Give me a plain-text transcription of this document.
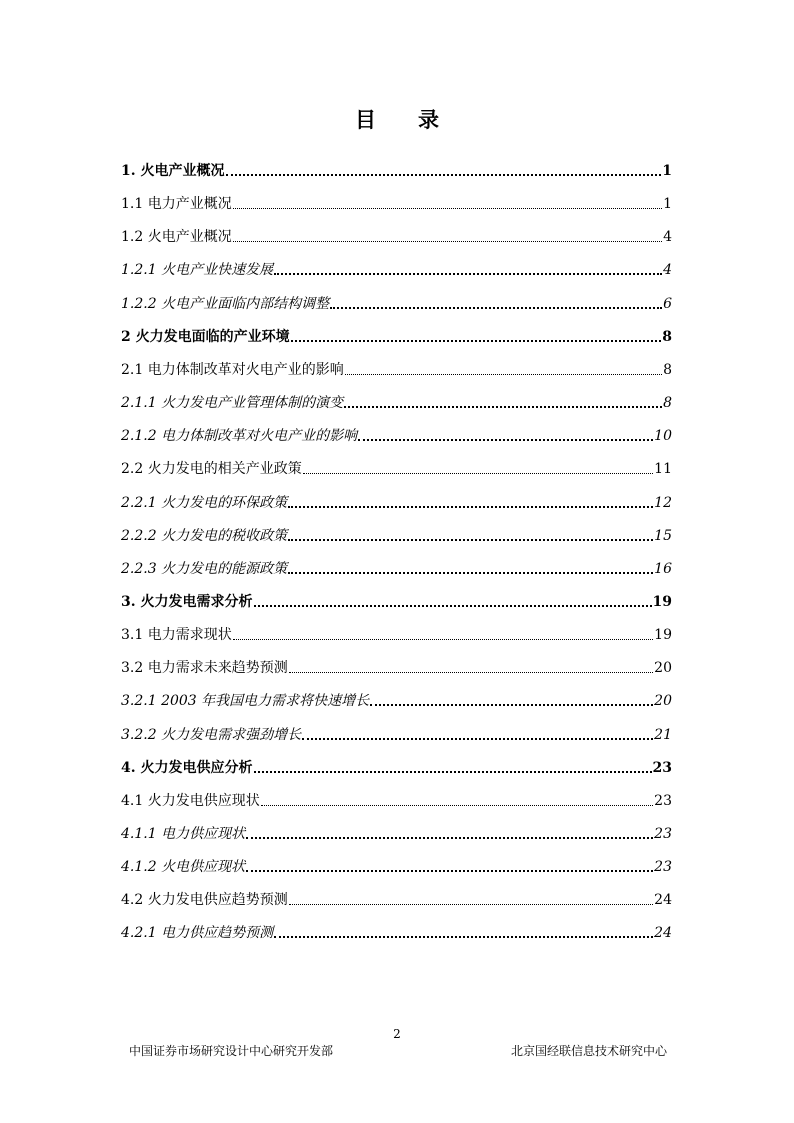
目　　录
1. 火电产业概况	1
1.1 电力产业概况	1
1.2 火电产业概况	4
1.2.1 火电产业快速发展	4
1.2.2 火电产业面临内部结构调整	6
2 火力发电面临的产业环境	8
2.1 电力体制改革对火电产业的影响	8
2.1.1 火力发电产业管理体制的演变	8
2.1.2 电力体制改革对火电产业的影响	10
2.2 火力发电的相关产业政策	11
2.2.1 火力发电的环保政策	12
2.2.2 火力发电的税收政策	15
2.2.3 火力发电的能源政策	16
3. 火力发电需求分析	19
3.1 电力需求现状	19
3.2 电力需求未来趋势预测	20
3.2.1 2003 年我国电力需求将快速增长	20
3.2.2 火力发电需求强劲增长	21
4. 火力发电供应分析	23
4.1 火力发电供应现状	23
4.1.1 电力供应现状	23
4.1.2 火电供应现状	23
4.2 火力发电供应趋势预测	24
4.2.1 电力供应趋势预测	24
2
中国证券市场研究设计中心研究开发部	北京国经联信息技术研究中心
